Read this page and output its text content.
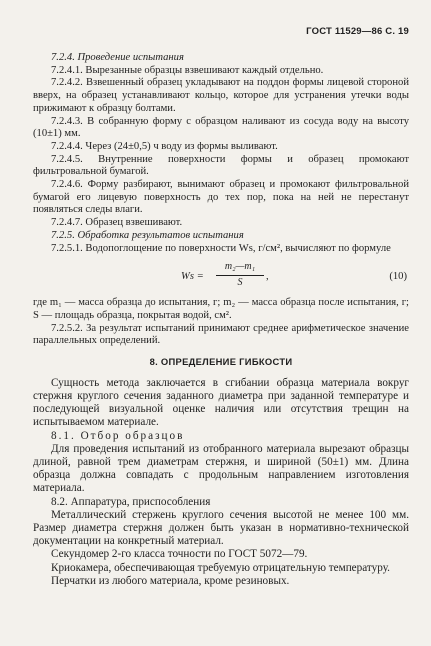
ГОСТ 11529—86 С. 19

7.2.4. Проведение испытания

7.2.4.1. Вырезанные образцы взвешивают каждый отдельно.

7.2.4.2. Взвешенный образец укладывают на поддон формы лицевой стороной вверх, на образец устанавливают кольцо, которое для устранения утечки воды прижимают к образцу болтами.

7.2.4.3. В собранную форму с образцом наливают из сосуда воду на высоту (10±1) мм.

7.2.4.4. Через (24±0,5) ч воду из формы выливают.

7.2.4.5. Внутренние поверхности формы и образец промокают фильтровальной бумагой.

7.2.4.6. Форму разбирают, вынимают образец и промокают фильтровальной бумагой его лицевую поверхность до тех пор, пока на ней не перестанут появляться следы влаги.

7.2.4.7. Образец взвешивают.

7.2.5. Обработка результатов испытания

7.2.5.1. Водопоглощение по поверхности Ws, г/см², вычисляют по формуле

Ws =
m₂—m₁
S
,	(10)

где m₁ — масса образца до испытания, г; m₂ — масса образца после испытания, г; S — площадь образца, покрытая водой, см².

7.2.5.2. За результат испытаний принимают среднее арифметическое значение параллельных определений.

8. ОПРЕДЕЛЕНИЕ ГИБКОСТИ

Сущность метода заключается в сгибании образца материала вокруг стержня круглого сечения заданного диаметра при заданной температуре и последующей визуальной оценке наличия или отсутствия трещин на испытываемом материале.

8.1. Отбор образцов

Для проведения испытаний из отобранного материала вырезают образцы длиной, равной трем диаметрам стержня, и шириной (50±1) мм. Длина образца должна совпадать с продольным направлением изготовления материала.

8.2. Аппаратура, приспособления

Металлический стержень круглого сечения высотой не менее 100 мм. Размер диаметра стержня должен быть указан в нормативно-технической документации на конкретный материал.

Секундомер 2-го класса точности по ГОСТ 5072—79.

Криокамера, обеспечивающая требуемую отрицательную температуру.

Перчатки из любого материала, кроме резиновых.
